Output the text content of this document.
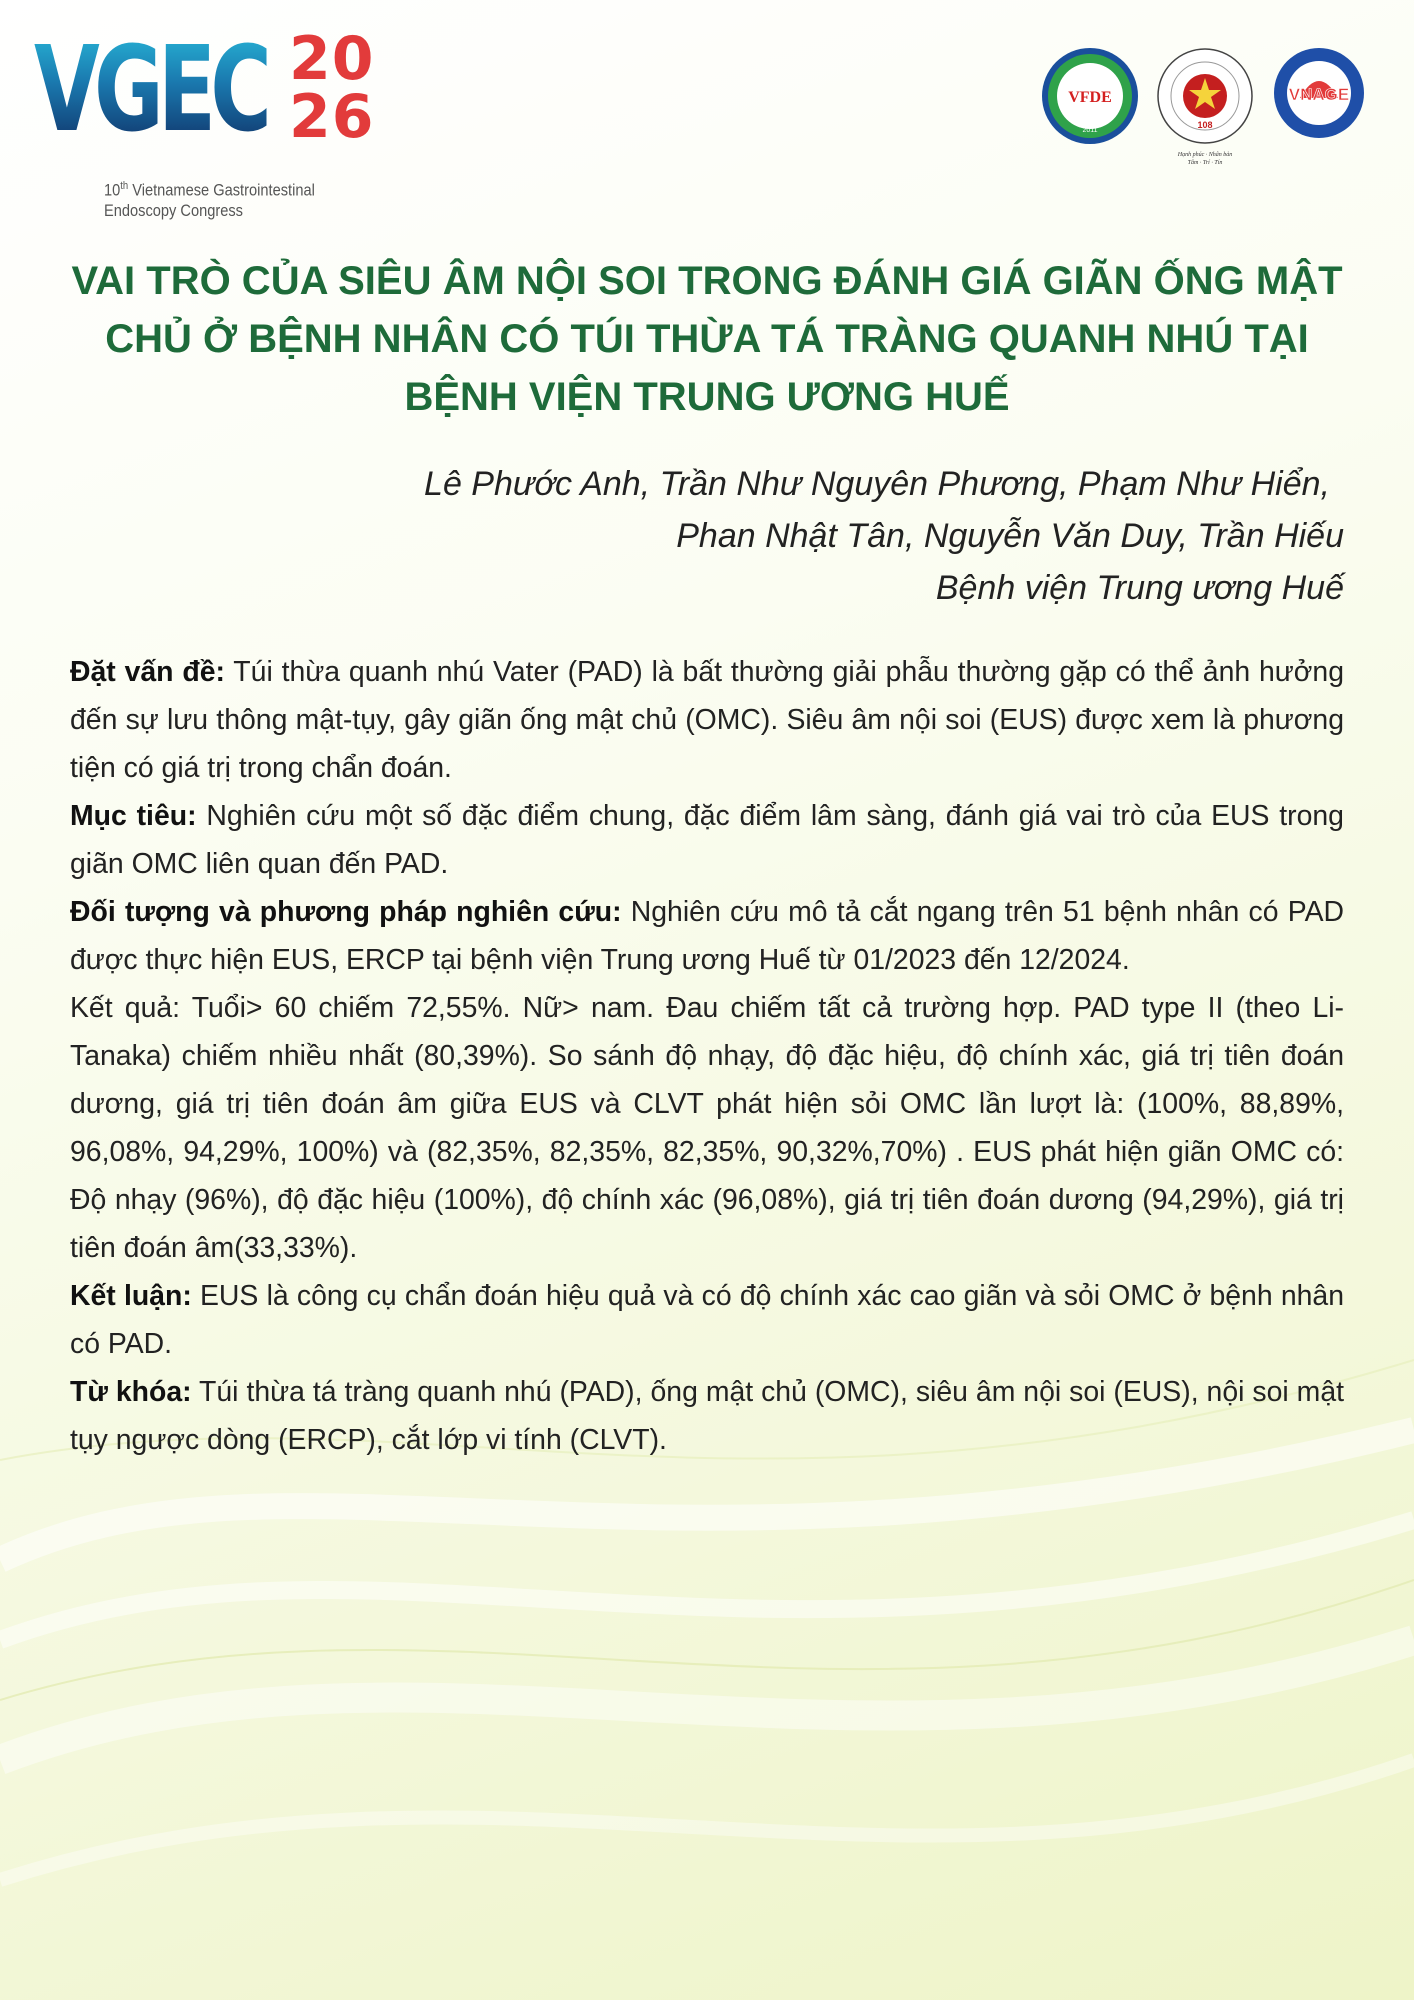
VGEC 20
26
10th Vietnamese Gastrointestinal
Endoscopy Congress
VFDE
2011
108
Hạnh phúc · Nhân bản
Tâm · Trí · Tín
VNAGE
VAI TRÒ CỦA SIÊU ÂM NỘI SOI TRONG ĐÁNH GIÁ GIÃN ỐNG MẬT CHỦ Ở BỆNH NHÂN CÓ TÚI THỪA TÁ TRÀNG QUANH NHÚ TẠI BỆNH VIỆN TRUNG ƯƠNG HUẾ
Lê Phước Anh, Trần Như Nguyên Phương, Phạm Như Hiển,
Phan Nhật Tân, Nguyễn Văn Duy, Trần Hiếu
Bệnh viện Trung ương Huế

Đặt vấn đề: Túi thừa quanh nhú Vater (PAD) là bất thường giải phẫu thường gặp có thể ảnh hưởng đến sự lưu thông mật-tụy, gây giãn ống mật chủ (OMC). Siêu âm nội soi (EUS) được xem là phương tiện có giá trị trong chẩn đoán.

Mục tiêu: Nghiên cứu một số đặc điểm chung, đặc điểm lâm sàng, đánh giá vai trò của EUS trong giãn OMC liên quan đến PAD.

Đối tượng và phương pháp nghiên cứu: Nghiên cứu mô tả cắt ngang trên 51 bệnh nhân có PAD được thực hiện EUS, ERCP tại bệnh viện Trung ương Huế từ 01/2023 đến 12/2024.

Kết quả: Tuổi> 60 chiếm 72,55%. Nữ> nam. Đau chiếm tất cả trường hợp. PAD type II (theo Li-Tanaka) chiếm nhiều nhất (80,39%). So sánh độ nhạy, độ đặc hiệu, độ chính xác, giá trị tiên đoán dương, giá trị tiên đoán âm giữa EUS và CLVT phát hiện sỏi OMC lần lượt là: (100%, 88,89%, 96,08%, 94,29%, 100%) và (82,35%, 82,35%, 82,35%, 90,32%,70%) . EUS phát hiện giãn OMC có: Độ nhạy (96%), độ đặc hiệu (100%), độ chính xác (96,08%), giá trị tiên đoán dương (94,29%), giá trị tiên đoán âm(33,33%).

Kết luận: EUS là công cụ chẩn đoán hiệu quả và có độ chính xác cao giãn và sỏi OMC ở bệnh nhân có PAD.

Từ khóa: Túi thừa tá tràng quanh nhú (PAD), ống mật chủ (OMC), siêu âm nội soi (EUS), nội soi mật tụy ngược dòng (ERCP), cắt lớp vi tính (CLVT).
